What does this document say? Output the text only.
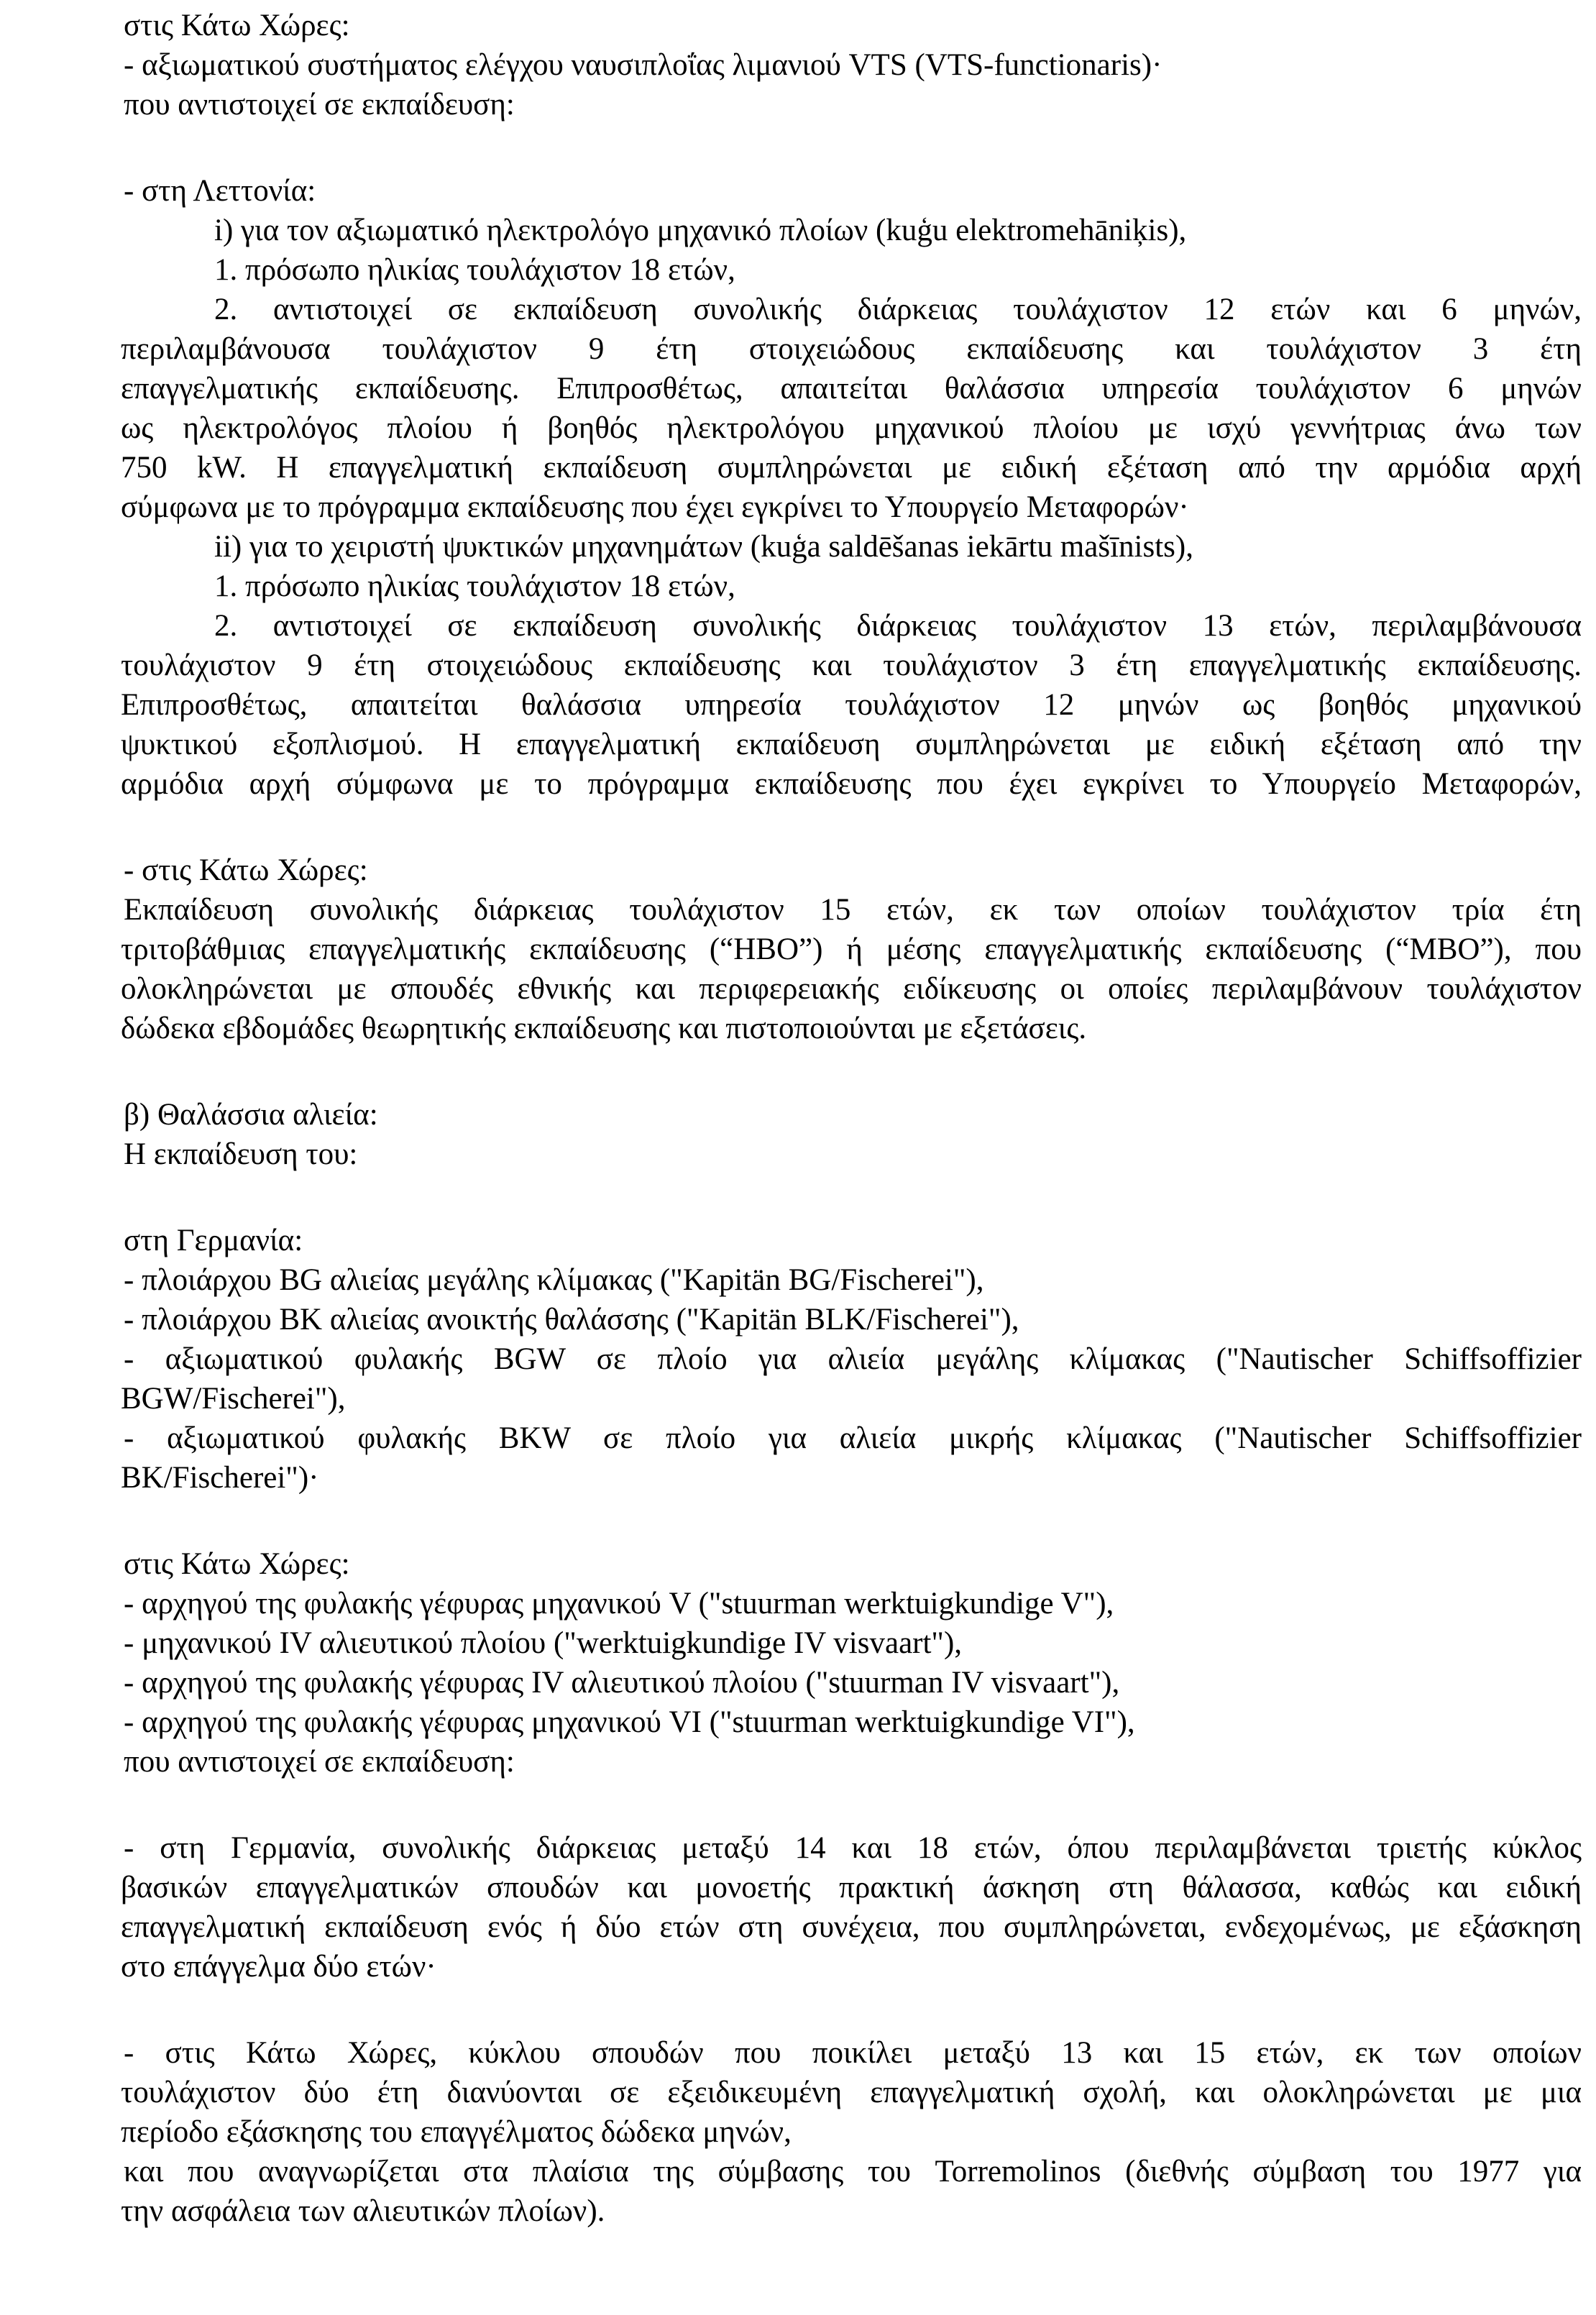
στις Κάτω Χώρες:
- αξιωματικού συστήματος ελέγχου ναυσιπλοΐας λιμανιού VTS (VTS-functionaris)·
που αντιστοιχεί σε εκπαίδευση:
- στη Λεττονία:
i) για τον αξιωματικό ηλεκτρολόγο μηχανικό πλοίων (kuģu elektromehāniķis),
1. πρόσωπο ηλικίας τουλάχιστον 18 ετών,
2. αντιστοιχεί σε εκπαίδευση συνολικής διάρκειας τουλάχιστον 12 ετών και 6 μηνών,
περιλαμβάνουσα τουλάχιστον 9 έτη στοιχειώδους εκπαίδευσης και τουλάχιστον 3 έτη
επαγγελματικής εκπαίδευσης. Επιπροσθέτως, απαιτείται θαλάσσια υπηρεσία τουλάχιστον 6 μηνών
ως ηλεκτρολόγος πλοίου ή βοηθός ηλεκτρολόγου μηχανικού πλοίου με ισχύ γεννήτριας άνω των
750 kW. Η επαγγελματική εκπαίδευση συμπληρώνεται με ειδική εξέταση από την αρμόδια αρχή
σύμφωνα με το πρόγραμμα εκπαίδευσης που έχει εγκρίνει το Υπουργείο Μεταφορών·
ii) για το χειριστή ψυκτικών μηχανημάτων (kuģa saldēšanas iekārtu mašīnists),
1. πρόσωπο ηλικίας τουλάχιστον 18 ετών,
2. αντιστοιχεί σε εκπαίδευση συνολικής διάρκειας τουλάχιστον 13 ετών, περιλαμβάνουσα
τουλάχιστον 9 έτη στοιχειώδους εκπαίδευσης και τουλάχιστον 3 έτη επαγγελματικής εκπαίδευσης.
Επιπροσθέτως, απαιτείται θαλάσσια υπηρεσία τουλάχιστον 12 μηνών ως βοηθός μηχανικού
ψυκτικού εξοπλισμού. Η επαγγελματική εκπαίδευση συμπληρώνεται με ειδική εξέταση από την
αρμόδια αρχή σύμφωνα με το πρόγραμμα εκπαίδευσης που έχει εγκρίνει το Υπουργείο Μεταφορών,
- στις Κάτω Χώρες:
Εκπαίδευση συνολικής διάρκειας τουλάχιστον 15 ετών, εκ των οποίων τουλάχιστον τρία έτη
τριτοβάθμιας επαγγελματικής εκπαίδευσης (“HBO”) ή μέσης επαγγελματικής εκπαίδευσης (“MBO”), που
ολοκληρώνεται με σπουδές εθνικής και περιφερειακής ειδίκευσης οι οποίες περιλαμβάνουν τουλάχιστον
δώδεκα εβδομάδες θεωρητικής εκπαίδευσης και πιστοποιούνται με εξετάσεις.
β) Θαλάσσια αλιεία:
Η εκπαίδευση του:
στη Γερμανία:
- πλοιάρχου BG αλιείας μεγάλης κλίμακας ("Kapitän BG/Fischerei"),
- πλοιάρχου BK αλιείας ανοικτής θαλάσσης ("Kapitän BLK/Fischerei"),
- αξιωματικού φυλακής BGW σε πλοίο για αλιεία μεγάλης κλίμακας ("Nautischer Schiffsoffizier
BGW/Fischerei"),
- αξιωματικού φυλακής BKW σε πλοίο για αλιεία μικρής κλίμακας ("Nautischer Schiffsoffizier
BK/Fischerei")·
στις Κάτω Χώρες:
- αρχηγού της φυλακής γέφυρας μηχανικού V ("stuurman werktuigkundige V"),
- μηχανικού IV αλιευτικού πλοίου ("werktuigkundige IV visvaart"),
- αρχηγού της φυλακής γέφυρας IV αλιευτικού πλοίου ("stuurman IV visvaart"),
- αρχηγού της φυλακής γέφυρας μηχανικού VI ("stuurman werktuigkundige VI"),
που αντιστοιχεί σε εκπαίδευση:
- στη Γερμανία, συνολικής διάρκειας μεταξύ 14 και 18 ετών, όπου περιλαμβάνεται τριετής κύκλος
βασικών επαγγελματικών σπουδών και μονοετής πρακτική άσκηση στη θάλασσα, καθώς και ειδική
επαγγελματική εκπαίδευση ενός ή δύο ετών στη συνέχεια, που συμπληρώνεται, ενδεχομένως, με εξάσκηση
στο επάγγελμα δύο ετών·
- στις Κάτω Χώρες, κύκλου σπουδών που ποικίλει μεταξύ 13 και 15 ετών, εκ των οποίων
τουλάχιστον δύο έτη διανύονται σε εξειδικευμένη επαγγελματική σχολή, και ολοκληρώνεται με μια
περίοδο εξάσκησης του επαγγέλματος δώδεκα μηνών,
και που αναγνωρίζεται στα πλαίσια της σύμβασης του Torremolinos (διεθνής σύμβαση του 1977 για
την ασφάλεια των αλιευτικών πλοίων).
